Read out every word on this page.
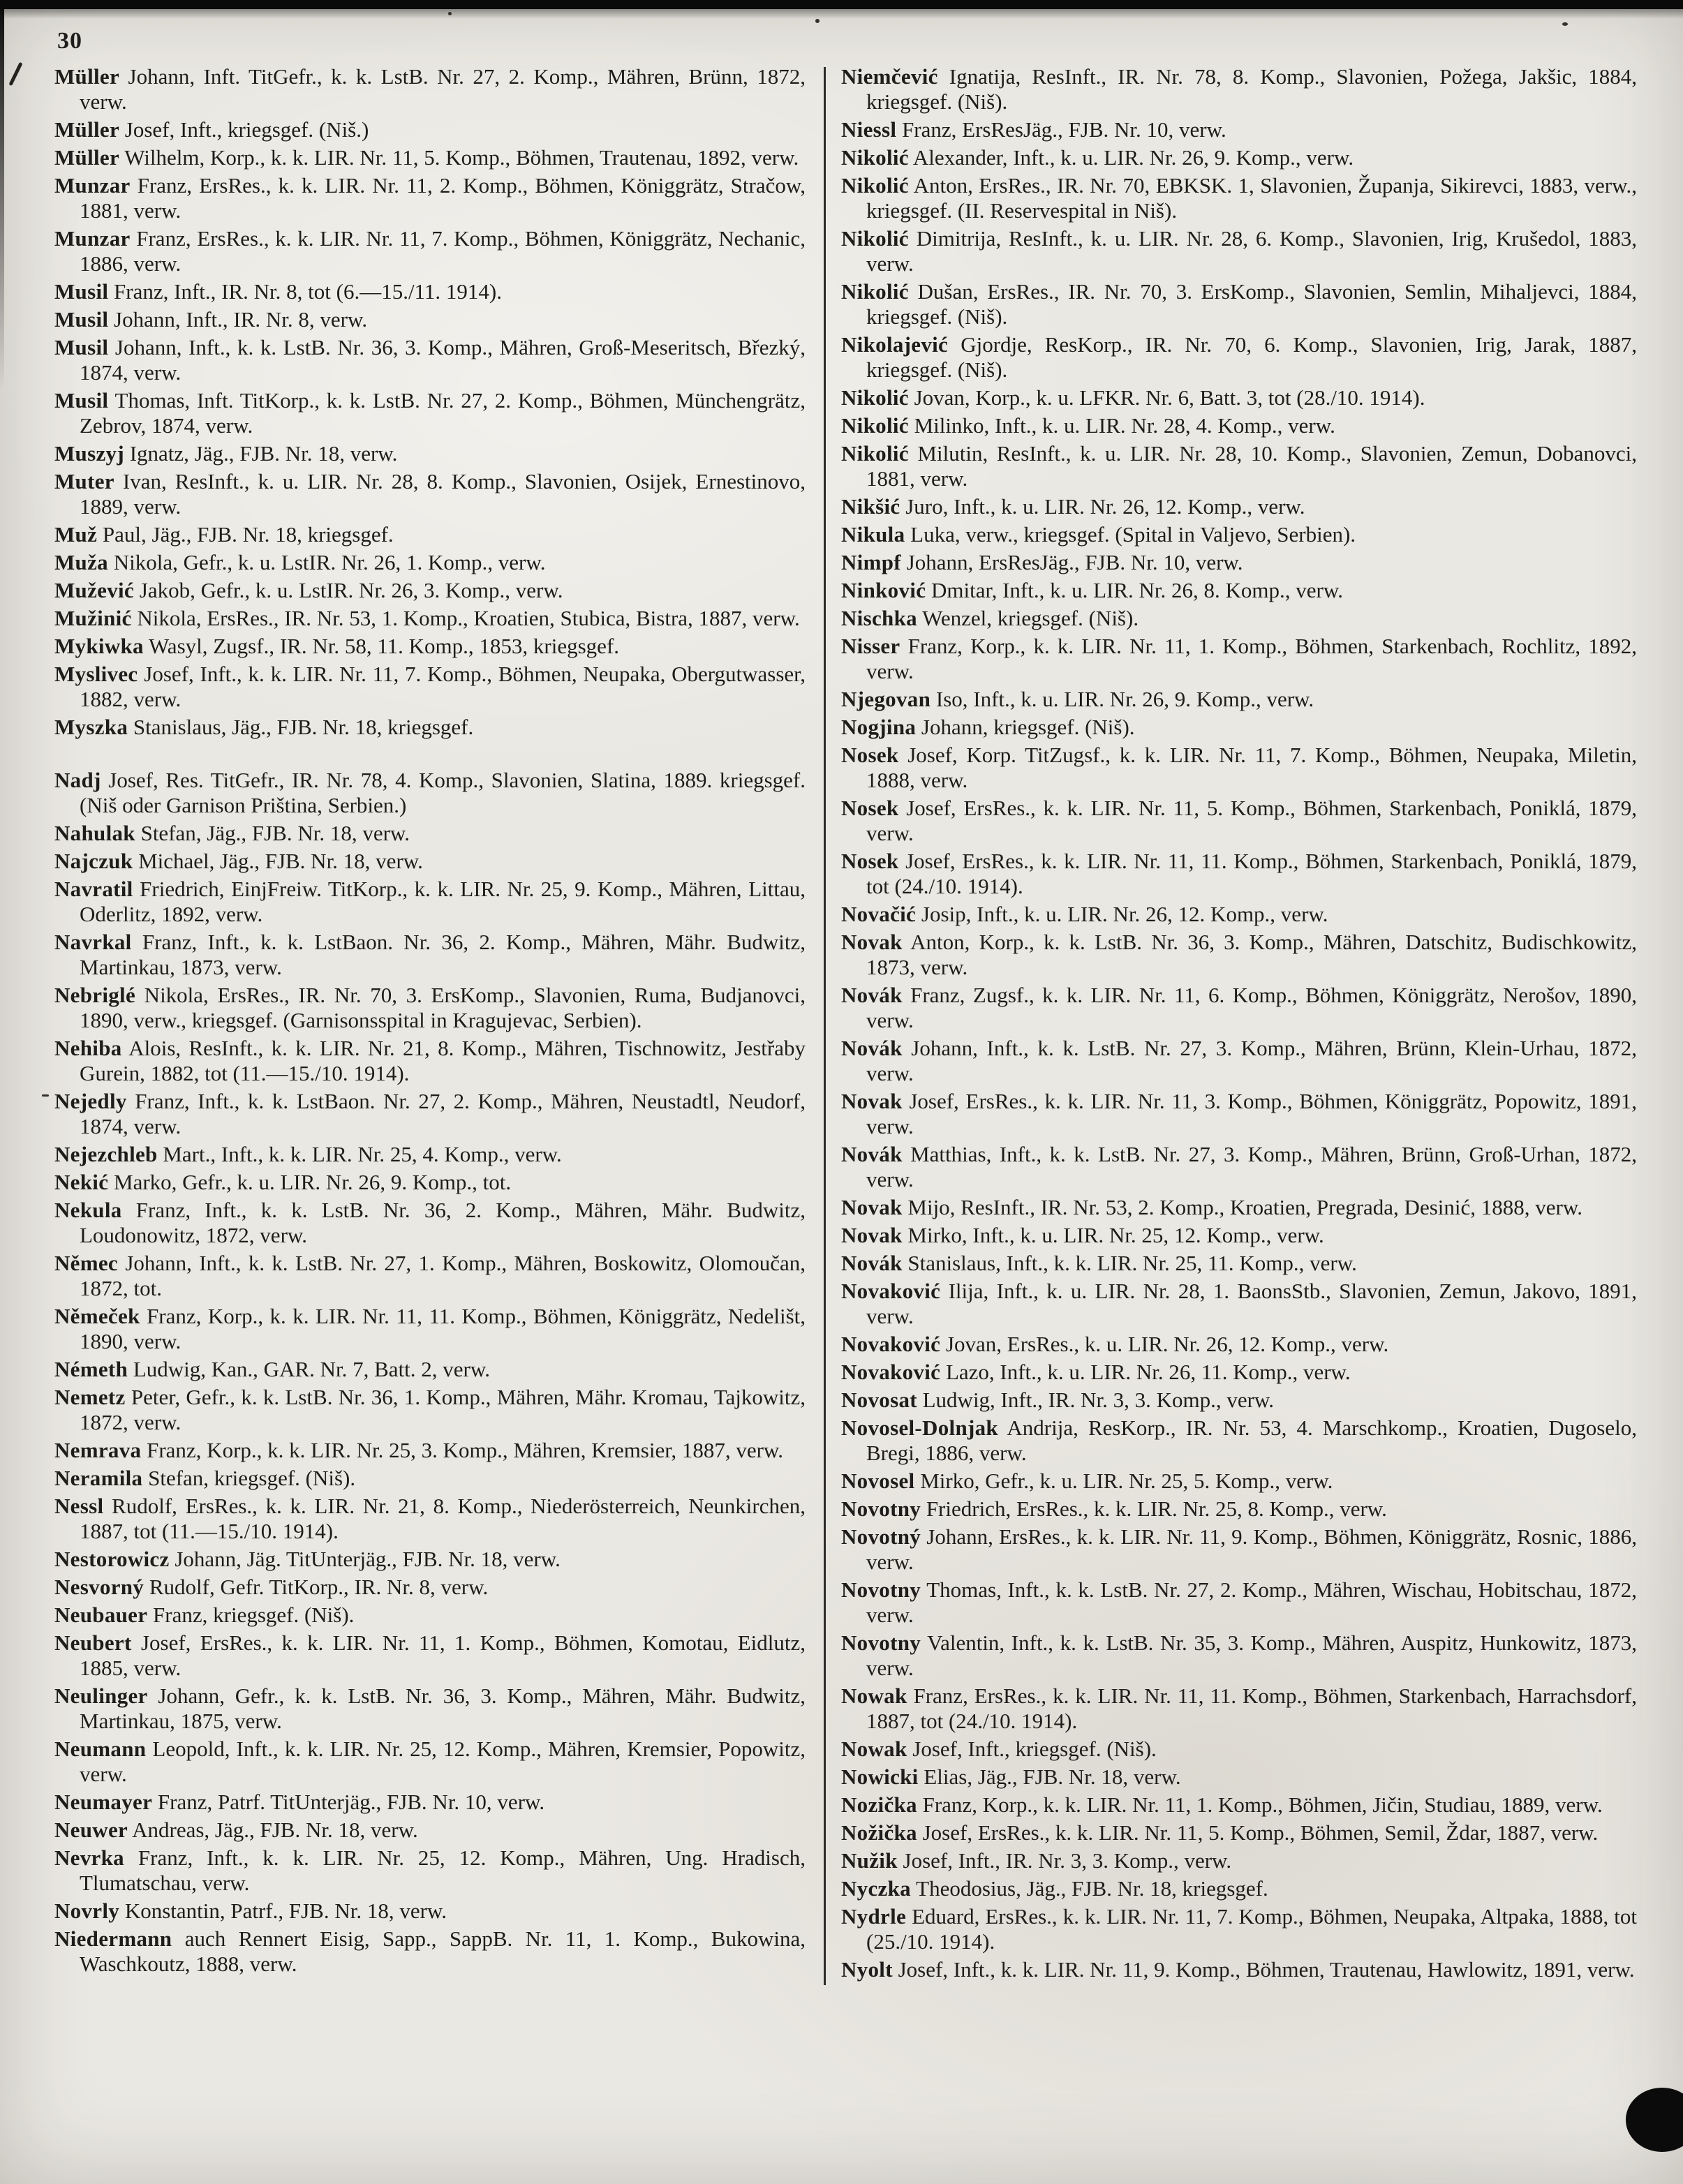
30

Müller Johann, Inft. TitGefr., k. k. LstB. Nr. 27, 2. Komp., Mähren, Brünn, 1872, verw.

Müller Josef, Inft., kriegsgef. (Niš.)

Müller Wilhelm, Korp., k. k. LIR. Nr. 11, 5. Komp., Böhmen, Trautenau, 1892, verw.

Munzar Franz, ErsRes., k. k. LIR. Nr. 11, 2. Komp., Böhmen, Königgrätz, Stračow, 1881, verw.

Munzar Franz, ErsRes., k. k. LIR. Nr. 11, 7. Komp., Böhmen, Königgrätz, Nechanic, 1886, verw.

Musil Franz, Inft., IR. Nr. 8, tot (6.—15./11. 1914).

Musil Johann, Inft., IR. Nr. 8, verw.

Musil Johann, Inft., k. k. LstB. Nr. 36, 3. Komp., Mähren, Groß-Meseritsch, Březký, 1874, verw.

Musil Thomas, Inft. TitKorp., k. k. LstB. Nr. 27, 2. Komp., Böhmen, Münchengrätz, Zebrov, 1874, verw.

Muszyj Ignatz, Jäg., FJB. Nr. 18, verw.

Muter Ivan, ResInft., k. u. LIR. Nr. 28, 8. Komp., Slavonien, Osijek, Ernestinovo, 1889, verw.

Muž Paul, Jäg., FJB. Nr. 18, kriegsgef.

Muža Nikola, Gefr., k. u. LstIR. Nr. 26, 1. Komp., verw.

Mužević Jakob, Gefr., k. u. LstIR. Nr. 26, 3. Komp., verw.

Mužinić Nikola, ErsRes., IR. Nr. 53, 1. Komp., Kroatien, Stubica, Bistra, 1887, verw.

Mykiwka Wasyl, Zugsf., IR. Nr. 58, 11. Komp., 1853, kriegsgef.

Myslivec Josef, Inft., k. k. LIR. Nr. 11, 7. Komp., Böhmen, Neupaka, Obergutwasser, 1882, verw.

Myszka Stanislaus, Jäg., FJB. Nr. 18, kriegsgef.

Nadj Josef, Res. TitGefr., IR. Nr. 78, 4. Komp., Slavonien, Slatina, 1889. kriegsgef. (Niš oder Garnison Priština, Serbien.)

Nahulak Stefan, Jäg., FJB. Nr. 18, verw.

Najczuk Michael, Jäg., FJB. Nr. 18, verw.

Navratil Friedrich, EinjFreiw. TitKorp., k. k. LIR. Nr. 25, 9. Komp., Mähren, Littau, Oderlitz, 1892, verw.

Navrkal Franz, Inft., k. k. LstBaon. Nr. 36, 2. Komp., Mähren, Mähr. Budwitz, Martinkau, 1873, verw.

Nebriglé Nikola, ErsRes., IR. Nr. 70, 3. ErsKomp., Slavonien, Ruma, Budjanovci, 1890, verw., kriegsgef. (Garnisonsspital in Kragujevac, Serbien).

Nehiba Alois, ResInft., k. k. LIR. Nr. 21, 8. Komp., Mähren, Tischnowitz, Jestřaby Gurein, 1882, tot (11.—15./10. 1914).

Nejedly Franz, Inft., k. k. LstBaon. Nr. 27, 2. Komp., Mähren, Neustadtl, Neudorf, 1874, verw.

Nejezchleb Mart., Inft., k. k. LIR. Nr. 25, 4. Komp., verw.

Nekić Marko, Gefr., k. u. LIR. Nr. 26, 9. Komp., tot.

Nekula Franz, Inft., k. k. LstB. Nr. 36, 2. Komp., Mähren, Mähr. Budwitz, Loudonowitz, 1872, verw.

Němec Johann, Inft., k. k. LstB. Nr. 27, 1. Komp., Mähren, Boskowitz, Olomoučan, 1872, tot.

Němeček Franz, Korp., k. k. LIR. Nr. 11, 11. Komp., Böhmen, Königgrätz, Nedelišt, 1890, verw.

Németh Ludwig, Kan., GAR. Nr. 7, Batt. 2, verw.

Nemetz Peter, Gefr., k. k. LstB. Nr. 36, 1. Komp., Mähren, Mähr. Kromau, Tajkowitz, 1872, verw.

Nemrava Franz, Korp., k. k. LIR. Nr. 25, 3. Komp., Mähren, Kremsier, 1887, verw.

Neramila Stefan, kriegsgef. (Niš).

Nessl Rudolf, ErsRes., k. k. LIR. Nr. 21, 8. Komp., Niederösterreich, Neunkirchen, 1887, tot (11.—15./10. 1914).

Nestorowicz Johann, Jäg. TitUnterjäg., FJB. Nr. 18, verw.

Nesvorný Rudolf, Gefr. TitKorp., IR. Nr. 8, verw.

Neubauer Franz, kriegsgef. (Niš).

Neubert Josef, ErsRes., k. k. LIR. Nr. 11, 1. Komp., Böhmen, Komotau, Eidlutz, 1885, verw.

Neulinger Johann, Gefr., k. k. LstB. Nr. 36, 3. Komp., Mähren, Mähr. Budwitz, Martinkau, 1875, verw.

Neumann Leopold, Inft., k. k. LIR. Nr. 25, 12. Komp., Mähren, Kremsier, Popowitz, verw.

Neumayer Franz, Patrf. TitUnterjäg., FJB. Nr. 10, verw.

Neuwer Andreas, Jäg., FJB. Nr. 18, verw.

Nevrka Franz, Inft., k. k. LIR. Nr. 25, 12. Komp., Mähren, Ung. Hradisch, Tlumatschau, verw.

Novrly Konstantin, Patrf., FJB. Nr. 18, verw.

Niedermann auch Rennert Eisig, Sapp., SappB. Nr. 11, 1. Komp., Bukowina, Waschkoutz, 1888, verw.

Niemčević Ignatija, ResInft., IR. Nr. 78, 8. Komp., Slavonien, Požega, Jakšic, 1884, kriegsgef. (Niš).

Niessl Franz, ErsResJäg., FJB. Nr. 10, verw.

Nikolić Alexander, Inft., k. u. LIR. Nr. 26, 9. Komp., verw.

Nikolić Anton, ErsRes., IR. Nr. 70, EBKSK. 1, Slavonien, Županja, Sikirevci, 1883, verw., kriegsgef. (II. Reservespital in Niš).

Nikolić Dimitrija, ResInft., k. u. LIR. Nr. 28, 6. Komp., Slavonien, Irig, Krušedol, 1883, verw.

Nikolić Dušan, ErsRes., IR. Nr. 70, 3. ErsKomp., Slavonien, Semlin, Mihaljevci, 1884, kriegsgef. (Niš).

Nikolajević Gjordje, ResKorp., IR. Nr. 70, 6. Komp., Slavonien, Irig, Jarak, 1887, kriegsgef. (Niš).

Nikolić Jovan, Korp., k. u. LFKR. Nr. 6, Batt. 3, tot (28./10. 1914).

Nikolić Milinko, Inft., k. u. LIR. Nr. 28, 4. Komp., verw.

Nikolić Milutin, ResInft., k. u. LIR. Nr. 28, 10. Komp., Slavonien, Zemun, Dobanovci, 1881, verw.

Nikšić Juro, Inft., k. u. LIR. Nr. 26, 12. Komp., verw.

Nikula Luka, verw., kriegsgef. (Spital in Valjevo, Serbien).

Nimpf Johann, ErsResJäg., FJB. Nr. 10, verw.

Ninković Dmitar, Inft., k. u. LIR. Nr. 26, 8. Komp., verw.

Nischka Wenzel, kriegsgef. (Niš).

Nisser Franz, Korp., k. k. LIR. Nr. 11, 1. Komp., Böhmen, Starkenbach, Rochlitz, 1892, verw.

Njegovan Iso, Inft., k. u. LIR. Nr. 26, 9. Komp., verw.

Nogjina Johann, kriegsgef. (Niš).

Nosek Josef, Korp. TitZugsf., k. k. LIR. Nr. 11, 7. Komp., Böhmen, Neupaka, Miletin, 1888, verw.

Nosek Josef, ErsRes., k. k. LIR. Nr. 11, 5. Komp., Böhmen, Starkenbach, Poniklá, 1879, verw.

Nosek Josef, ErsRes., k. k. LIR. Nr. 11, 11. Komp., Böhmen, Starkenbach, Poniklá, 1879, tot (24./10. 1914).

Novačić Josip, Inft., k. u. LIR. Nr. 26, 12. Komp., verw.

Novak Anton, Korp., k. k. LstB. Nr. 36, 3. Komp., Mähren, Datschitz, Budischkowitz, 1873, verw.

Novák Franz, Zugsf., k. k. LIR. Nr. 11, 6. Komp., Böhmen, Königgrätz, Nerošov, 1890, verw.

Novák Johann, Inft., k. k. LstB. Nr. 27, 3. Komp., Mähren, Brünn, Klein-Urhau, 1872, verw.

Novak Josef, ErsRes., k. k. LIR. Nr. 11, 3. Komp., Böhmen, Königgrätz, Popowitz, 1891, verw.

Novák Matthias, Inft., k. k. LstB. Nr. 27, 3. Komp., Mähren, Brünn, Groß-Urhan, 1872, verw.

Novak Mijo, ResInft., IR. Nr. 53, 2. Komp., Kroatien, Pregrada, Desinić, 1888, verw.

Novak Mirko, Inft., k. u. LIR. Nr. 25, 12. Komp., verw.

Novák Stanislaus, Inft., k. k. LIR. Nr. 25, 11. Komp., verw.

Novaković Ilija, Inft., k. u. LIR. Nr. 28, 1. BaonsStb., Slavonien, Zemun, Jakovo, 1891, verw.

Novaković Jovan, ErsRes., k. u. LIR. Nr. 26, 12. Komp., verw.

Novaković Lazo, Inft., k. u. LIR. Nr. 26, 11. Komp., verw.

Novosat Ludwig, Inft., IR. Nr. 3, 3. Komp., verw.

Novosel-Dolnjak Andrija, ResKorp., IR. Nr. 53, 4. Marschkomp., Kroatien, Dugoselo, Bregi, 1886, verw.

Novosel Mirko, Gefr., k. u. LIR. Nr. 25, 5. Komp., verw.

Novotny Friedrich, ErsRes., k. k. LIR. Nr. 25, 8. Komp., verw.

Novotný Johann, ErsRes., k. k. LIR. Nr. 11, 9. Komp., Böhmen, Königgrätz, Rosnic, 1886, verw.

Novotny Thomas, Inft., k. k. LstB. Nr. 27, 2. Komp., Mähren, Wischau, Hobitschau, 1872, verw.

Novotny Valentin, Inft., k. k. LstB. Nr. 35, 3. Komp., Mähren, Auspitz, Hunkowitz, 1873, verw.

Nowak Franz, ErsRes., k. k. LIR. Nr. 11, 11. Komp., Böhmen, Starkenbach, Harrachsdorf, 1887, tot (24./10. 1914).

Nowak Josef, Inft., kriegsgef. (Niš).

Nowicki Elias, Jäg., FJB. Nr. 18, verw.

Nozička Franz, Korp., k. k. LIR. Nr. 11, 1. Komp., Böhmen, Jičin, Studiau, 1889, verw.

Nožička Josef, ErsRes., k. k. LIR. Nr. 11, 5. Komp., Böhmen, Semil, Ždar, 1887, verw.

Nužik Josef, Inft., IR. Nr. 3, 3. Komp., verw.

Nyczka Theodosius, Jäg., FJB. Nr. 18, kriegsgef.

Nydrle Eduard, ErsRes., k. k. LIR. Nr. 11, 7. Komp., Böhmen, Neupaka, Altpaka, 1888, tot (25./10. 1914).

Nyolt Josef, Inft., k. k. LIR. Nr. 11, 9. Komp., Böhmen, Trautenau, Hawlowitz, 1891, verw.
